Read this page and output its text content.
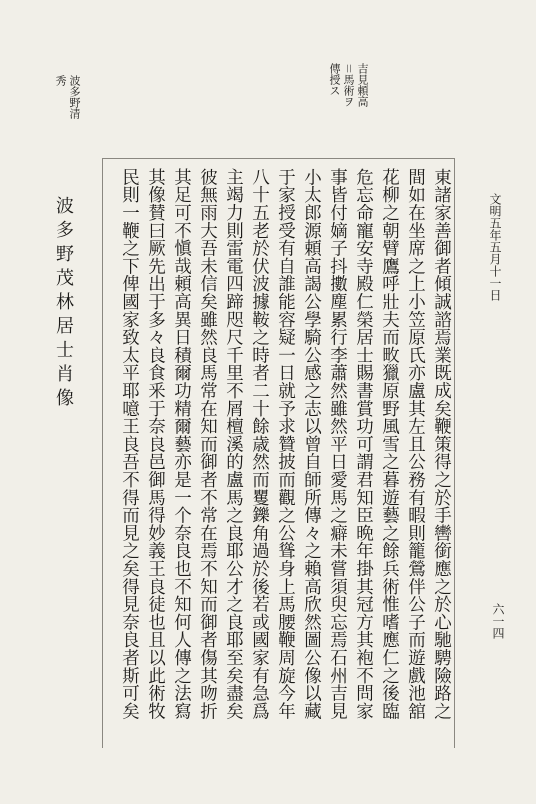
文明五年五月十一日
六一四
吉見頼高
＝馬術ヲ
傳授ス
波多野清
秀
波多野茂林居士肖像	東諸家善御者傾誠諮焉業既成矣鞭策得之於手轡銜應之於心馳騁險路之
間如在坐席之上小笠原氏亦盧其左且公務有暇則籠鶯伴公子而遊戲池舘
花柳之朝臂鷹呼壯夫而畋獵原野風雪之暮遊藝之餘兵術惟嗜應仁之後臨
危忘命寵安寺殿仁榮居士賜書賞功可謂君知臣晩年掛其冠方其袍不問家
事皆付嫡子抖擻塵累行李蕭然雖然平日愛馬之癖未嘗須臾忘焉石州吉見
小太郎源頼高謁公學騎公感之志以曾自師所傳々之賴高欣然圖公像以藏
于家授受有自誰能容疑一日就予求贊披而觀之公聳身上馬腰鞭周旋今年
八十五老於伏波據鞍之時者二十餘歳然而矍鑠角過於後若或國家有急爲
主竭力則雷電四蹄咫尺千里不屑檀溪的盧馬之良耶公才之良耶至矣盡矣
彼無雨大吾未信矣雖然良馬常在知而御者不常在焉不知而御者傷其吻折
其足可不愼哉頼高異日積爾功精爾藝亦是一个奈良也不知何人傳之法寫
其像賛曰厥先出于多々良食釆于奈良邑御馬得妙義王良徒也且以此術牧
民則一鞭之下俾國家致太平耶噫王良吾不得而見之矣得見奈良者斯可矣
